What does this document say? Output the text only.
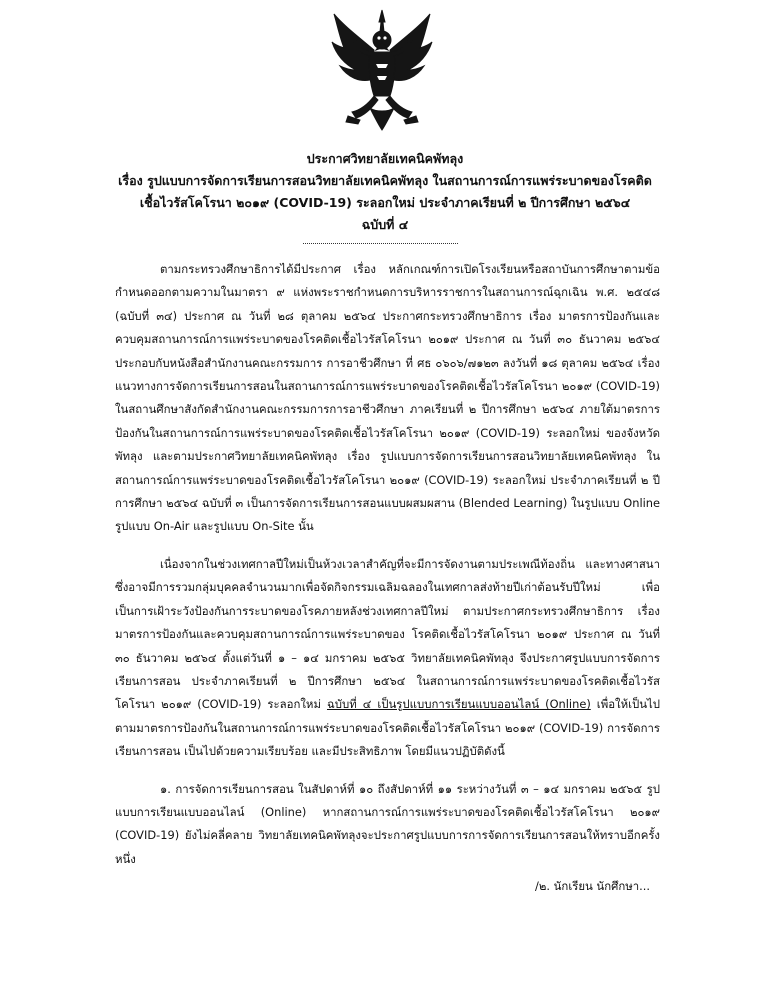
ประกาศวิทยาลัยเทคนิคพัทลุง
เรื่อง รูปแบบการจัดการเรียนการสอนวิทยาลัยเทคนิคพัทลุง ในสถานการณ์การแพร่ระบาดของโรคติด
เชื้อไวรัสโคโรนา ๒๐๑๙ (COVID-19) ระลอกใหม่ ประจำภาคเรียนที่ ๒ ปีการศึกษา ๒๕๖๔
ฉบับที่ ๔

ตามกระทรวงศึกษาธิการได้มีประกาศ เรื่อง หลักเกณฑ์การเปิดโรงเรียนหรือสถาบันการศึกษาตามข้อกำหนดออกตามความในมาตรา ๙ แห่งพระราชกำหนดการบริหารราชการในสถานการณ์ฉุกเฉิน พ.ศ. ๒๕๔๘ (ฉบับที่ ๓๔) ประกาศ ณ วันที่ ๒๘ ตุลาคม ๒๕๖๔ ประกาศกระทรวงศึกษาธิการ เรื่อง มาตรการป้องกันและควบคุมสถานการณ์การแพร่ระบาดของโรคติดเชื้อไวรัสโคโรนา ๒๐๑๙ ประกาศ ณ วันที่ ๓๐ ธันวาคม ๒๕๖๔ ประกอบกับหนังสือสำนักงานคณะกรรมการ การอาชีวศึกษา ที่ ศธ ๐๖๐๖/๗๑๒๓ ลงวันที่ ๑๘ ตุลาคม ๒๕๖๔ เรื่อง แนวทางการจัดการเรียนการสอนในสถานการณ์การแพร่ระบาดของโรคติดเชื้อไวรัสโคโรนา ๒๐๑๙ (COVID-19) ในสถานศึกษาสังกัดสำนักงานคณะกรรมการการอาชีวศึกษา ภาคเรียนที่ ๒ ปีการศึกษา ๒๕๖๔ ภายใต้มาตรการป้องกันในสถานการณ์การแพร่ระบาดของโรคติดเชื้อไวรัสโคโรนา ๒๐๑๙ (COVID-19) ระลอกใหม่ ของจังหวัดพัทลุง และตามประกาศวิทยาลัยเทคนิคพัทลุง เรื่อง รูปแบบการจัดการเรียนการสอนวิทยาลัยเทคนิคพัทลุง ในสถานการณ์การแพร่ระบาดของโรคติดเชื้อไวรัสโคโรนา ๒๐๑๙ (COVID-19) ระลอกใหม่ ประจำภาคเรียนที่ ๒ ปีการศึกษา ๒๕๖๔ ฉบับที่ ๓ เป็นการจัดการเรียนการสอนแบบผสมผสาน (Blended Learning) ในรูปแบบ Online รูปแบบ On-Air และรูปแบบ On-Site นั้น

เนื่องจากในช่วงเทศกาลปีใหม่เป็นห้วงเวลาสำคัญที่จะมีการจัดงานตามประเพณีท้องถิ่น และทางศาสนา ซึ่งอาจมีการรวมกลุ่มบุคคลจำนวนมากเพื่อจัดกิจกรรมเฉลิมฉลองในเทศกาลส่งท้ายปีเก่าต้อนรับปีใหม่ เพื่อเป็นการเฝ้าระวังป้องกันการระบาดของโรคภายหลังช่วงเทศกาลปีใหม่ ตามประกาศกระทรวงศึกษาธิการ เรื่อง มาตรการป้องกันและควบคุมสถานการณ์การแพร่ระบาดของ โรคติดเชื้อไวรัสโคโรนา ๒๐๑๙ ประกาศ ณ วันที่ ๓๐ ธันวาคม ๒๕๖๔ ตั้งแต่วันที่ ๑ – ๑๔ มกราคม ๒๕๖๕ วิทยาลัยเทคนิคพัทลุง จึงประกาศรูปแบบการจัดการเรียนการสอน ประจำภาคเรียนที่ ๒ ปีการศึกษา ๒๕๖๔ ในสถานการณ์การแพร่ระบาดของโรคติดเชื้อไวรัสโคโรนา ๒๐๑๙ (COVID-19) ระลอกใหม่ ฉบับที่ ๔ เป็นรูปแบบการเรียนแบบออนไลน์ (Online) เพื่อให้เป็นไปตามมาตรการป้องกันในสถานการณ์การแพร่ระบาดของโรคติดเชื้อไวรัสโคโรนา ๒๐๑๙ (COVID-19) การจัดการเรียนการสอน เป็นไปด้วยความเรียบร้อย และมีประสิทธิภาพ โดยมีแนวปฏิบัติดังนี้

๑. การจัดการเรียนการสอน ในสัปดาห์ที่ ๑๐ ถึงสัปดาห์ที่ ๑๑ ระหว่างวันที่ ๓ – ๑๔ มกราคม ๒๕๖๕ รูปแบบการเรียนแบบออนไลน์ (Online) หากสถานการณ์การแพร่ระบาดของโรคติดเชื้อไวรัสโคโรนา ๒๐๑๙ (COVID-19) ยังไม่คลี่คลาย วิทยาลัยเทคนิคพัทลุงจะประกาศรูปแบบการการจัดการเรียนการสอนให้ทราบอีกครั้งหนึ่ง

/๒. นักเรียน นักศึกษา...
